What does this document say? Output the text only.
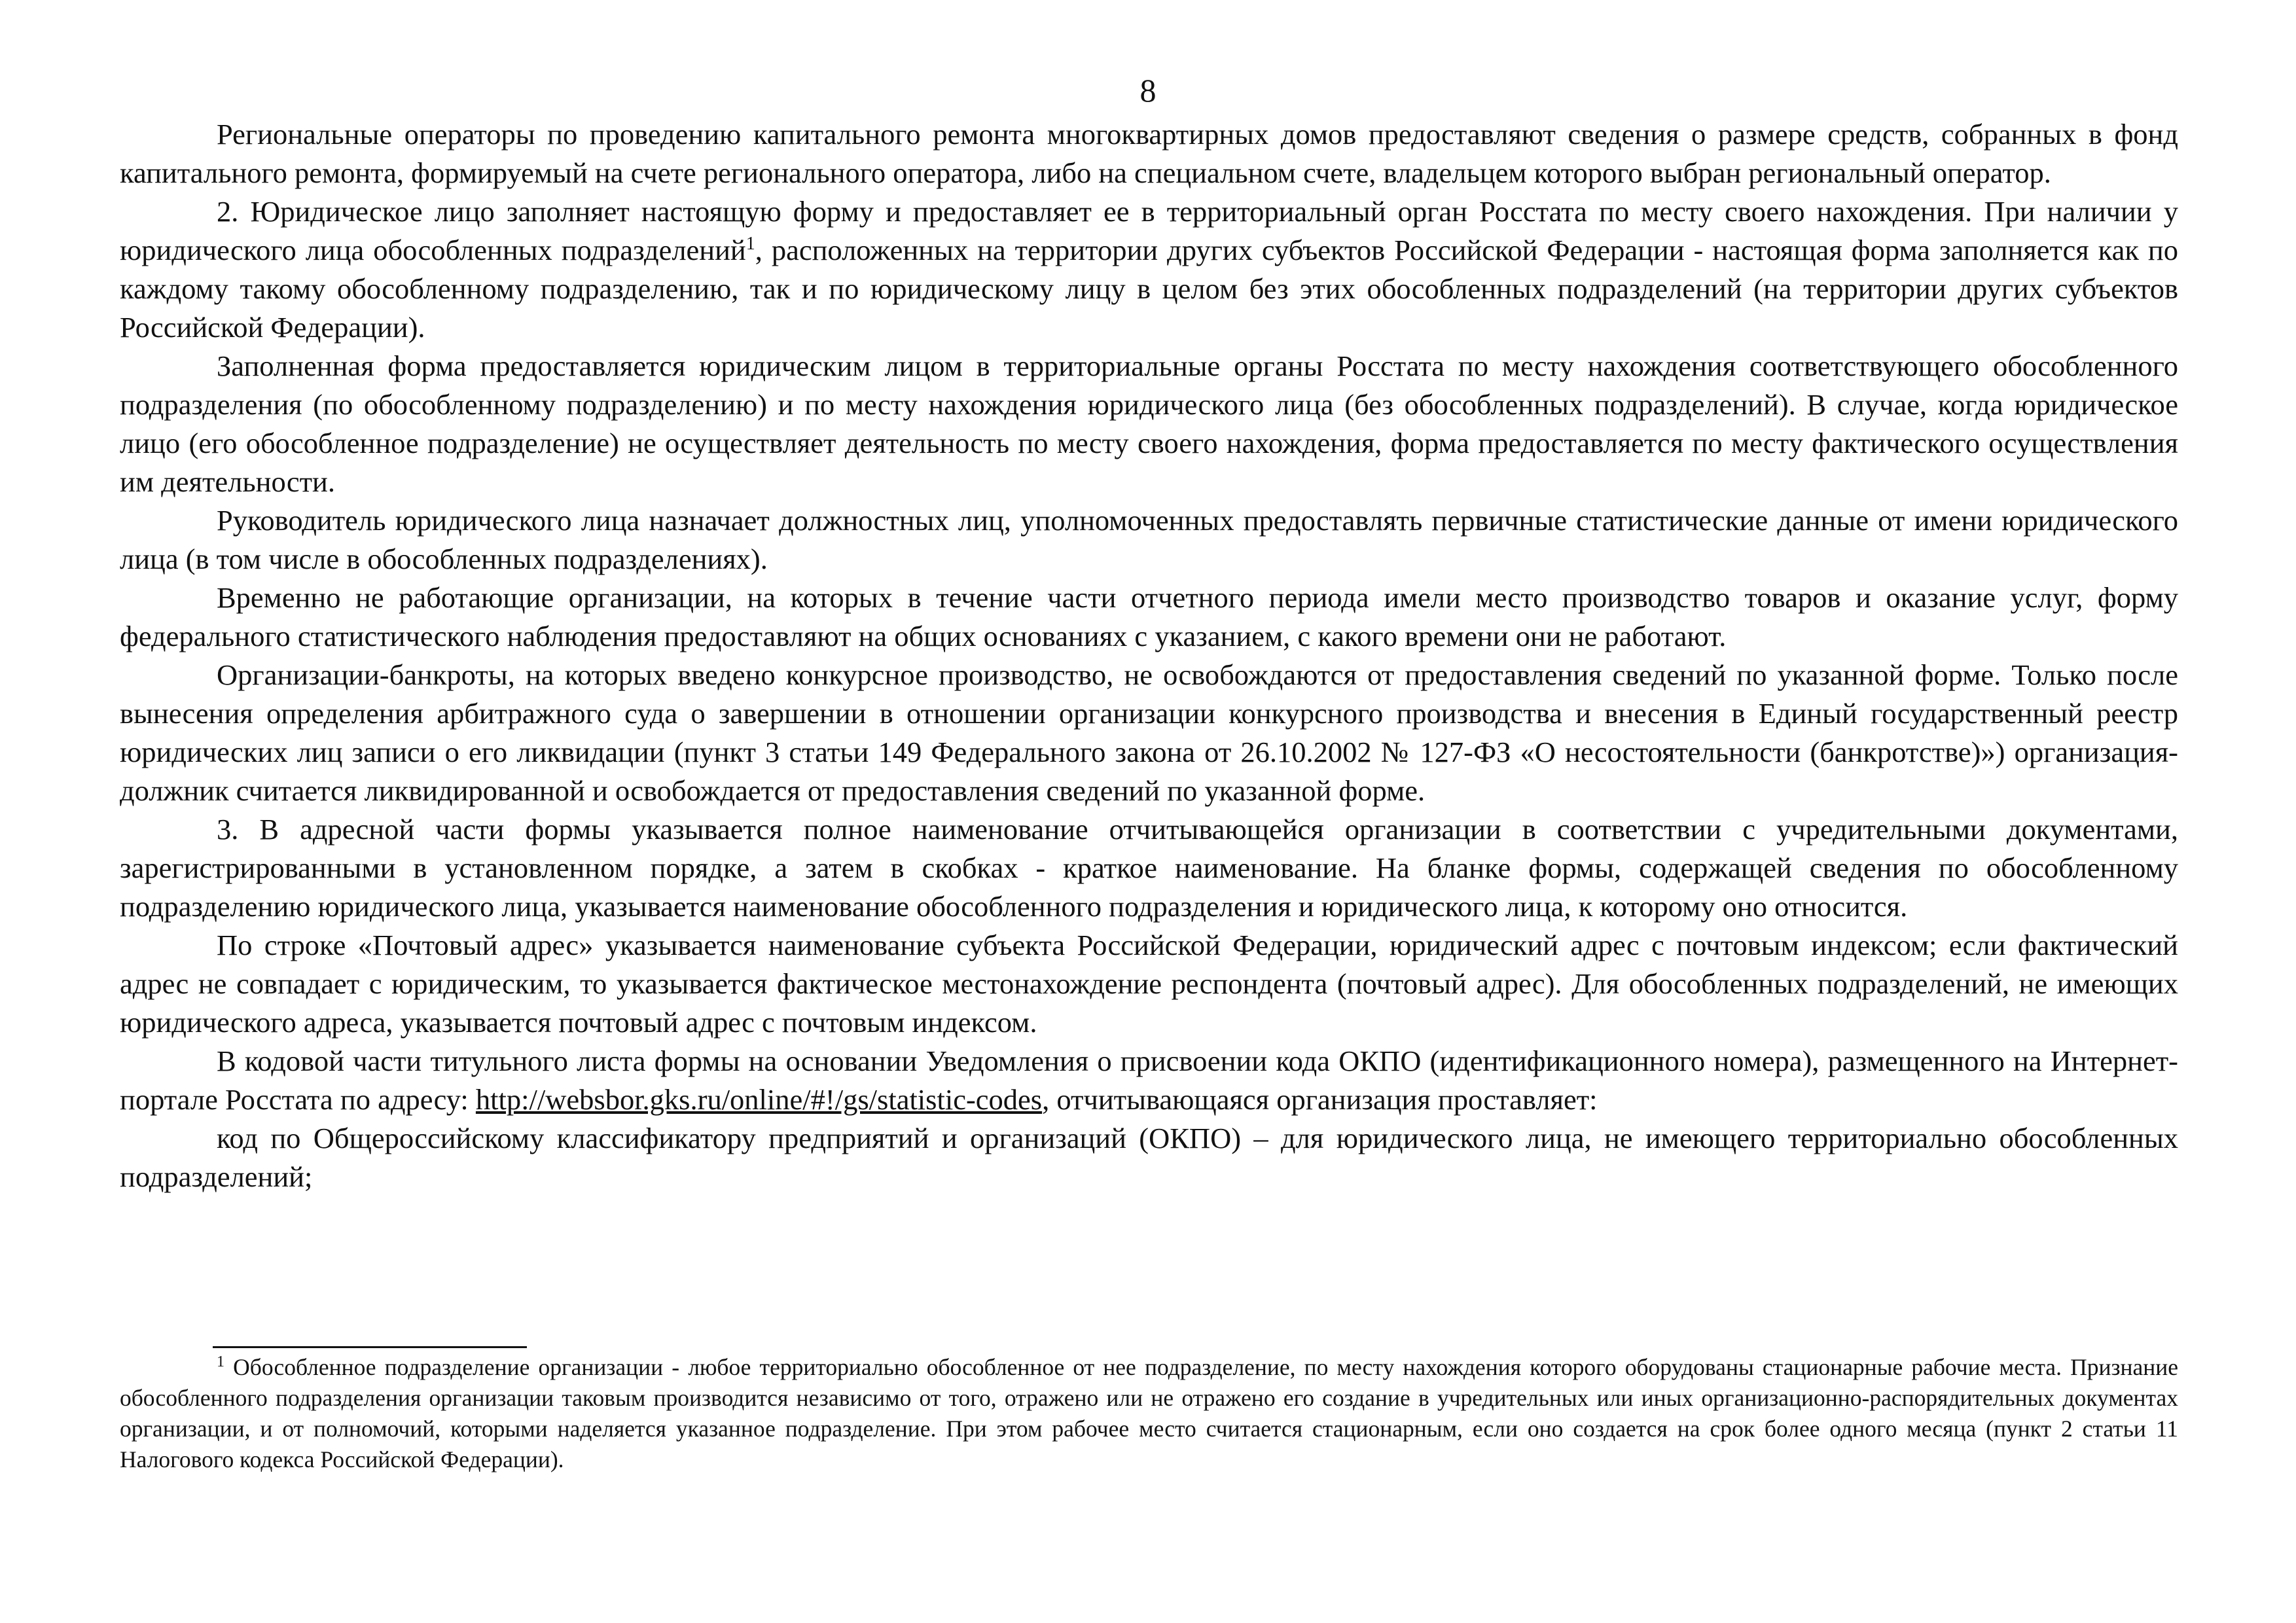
8

Региональные операторы по проведению капитального ремонта многоквартирных домов предоставляют сведения о размере средств, собранных в фонд капитального ремонта, формируемый на счете регионального оператора, либо на специальном счете, владельцем которого выбран региональный оператор.

2. Юридическое лицо заполняет настоящую форму и предоставляет ее в территориальный орган Росстата по месту своего нахождения. При наличии у юридического лица обособленных подразделений$^1$, расположенных на территории других субъектов Российской Федерации - настоящая форма заполняется как по каждому такому обособленному подразделению, так и по юридическому лицу в целом без этих обособленных подразделений (на территории других субъектов Российской Федерации).

Заполненная форма предоставляется юридическим лицом в территориальные органы Росстата по месту нахождения соответствующего обособленного подразделения (по обособленному подразделению) и по месту нахождения юридического лица (без обособленных подразделений). В случае, когда юридическое лицо (его обособленное подразделение) не осуществляет деятельность по месту своего нахождения, форма предоставляется по месту фактического осуществления им деятельности.

Руководитель юридического лица назначает должностных лиц, уполномоченных предоставлять первичные статистические данные от имени юридического лица (в том числе в обособленных подразделениях).

Временно не работающие организации, на которых в течение части отчетного периода имели место производство товаров и оказание услуг, форму федерального статистического наблюдения предоставляют на общих основаниях с указанием, с какого времени они не работают.

Организации-банкроты, на которых введено конкурсное производство, не освобождаются от предоставления сведений по указанной форме. Только после вынесения определения арбитражного суда о завершении в отношении организации конкурсного производства и внесения в Единый государственный реестр юридических лиц записи о его ликвидации (пункт 3 статьи 149 Федерального закона от 26.10.2002 № 127-ФЗ «О несостоятельности (банкротстве)») организация-должник считается ликвидированной и освобождается от предоставления сведений по указанной форме.

3. В адресной части формы указывается полное наименование отчитывающейся организации в соответствии с учредительными документами, зарегистрированными в установленном порядке, а затем в скобках - краткое наименование. На бланке формы, содержащей сведения по обособленному подразделению юридического лица, указывается наименование обособленного подразделения и юридического лица, к которому оно относится.

По строке «Почтовый адрес» указывается наименование субъекта Российской Федерации, юридический адрес с почтовым индексом; если фактический адрес не совпадает с юридическим, то указывается фактическое местонахождение респондента (почтовый адрес). Для обособленных подразделений, не имеющих юридического адреса, указывается почтовый адрес с почтовым индексом.

В кодовой части титульного листа формы на основании Уведомления о присвоении кода ОКПО (идентификационного номера), размещенного на Интернет-портале Росстата по адресу: http://websbor.gks.ru/online/#!/gs/statistic-codes, отчитывающаяся организация проставляет:

код по Общероссийскому классификатору предприятий и организаций (ОКПО) – для юридического лица, не имеющего территориально обособленных подразделений;

$^1$ Обособленное подразделение организации - любое территориально обособленное от нее подразделение, по месту нахождения которого оборудованы стационарные рабочие места. Признание обособленного подразделения организации таковым производится независимо от того, отражено или не отражено его создание в учредительных или иных организационно-распорядительных документах организации, и от полномочий, которыми наделяется указанное подразделение. При этом рабочее место считается стационарным, если оно создается на срок более одного месяца (пункт 2 статьи 11 Налогового кодекса Российской Федерации).
